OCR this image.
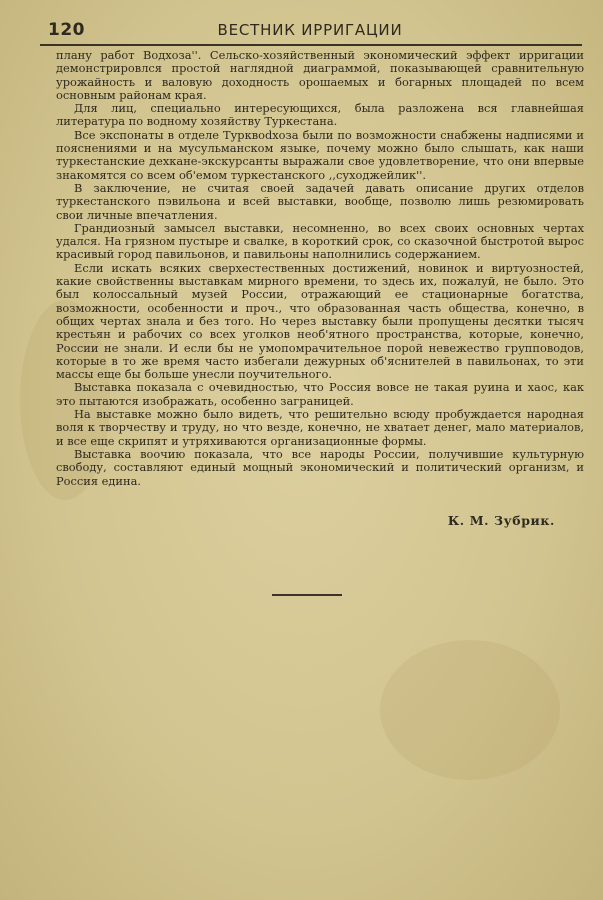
120	ВЕСТНИК ИРРИГАЦИИ

плану работ Водхоза''. Сельско-хозяйственный экономический эффект ирригации демонстрировлся простой наглядной диаграммой, показывающей сравнительную урожайность и валовую доходность орошаемых и богарных площадей по всем основным районам края.

Для лиц, специально интересующихся, была разложена вся главнейшая литература по водному хозяйству Туркестана.

Все экспонаты в отделе Турквodхоза были по возможности снабжены надписями и пояснениями и на мусульманском языке, почему можно было слышать, как наши туркестанские дехкане-экскурсанты выражали свое удовлетворение, что они впервые знакомятся со всем об'емом туркестанского ,,суходжейлик''.

В заключение, не считая своей задачей давать описание других отделов туркестанского пэвильона и всей выставки, вообще, позволю лишь резюмировать свои личные впечатления.

Грандиозный замысел выставки, несомненно, во всех своих основных чертах удался. На грязном пустыре и свалке, в короткий срок, со сказочной быстротой вырос красивый город павильонов, и павильоны наполнились содержанием.

Если искать всяких сверхестественных достижений, новинок и виртуозностей, какие свойственны выставкам мирного времени, то здесь их, пожалуй, не было. Это был колоссальный музей России, отражающий ее стационарные богатства, возможности, особенности и проч., что образованная часть общества, конечно, в общих чертах знала и без того. Но через выставку были пропущены десятки тысяч крестьян и рабочих со всех уголков необ'ятного пространства, которые, конечно, России не знали. И если бы не умопомрачительное порой невежество групповодов, которые в то же время часто избегали дежурных об'яснителей в павильонах, то эти массы еще бы больше унесли поучительного.

Выставка показала с очевидностью, что Россия вовсе не такая руина и хаос, как это пытаются изображать, особенно заграницей.

На выставке можно было видеть, что решительно всюду пробуждается народная воля к творчеству и труду, но что везде, конечно, не хватает денег, мало материалов, и все еще скрипят и утряхиваются организационные формы.

Выставка воочию показала, что все народы России, получившие культурную свободу, составляют единый мощный экономический и политический организм, и Россия едина.

К. М. Зубрик.
